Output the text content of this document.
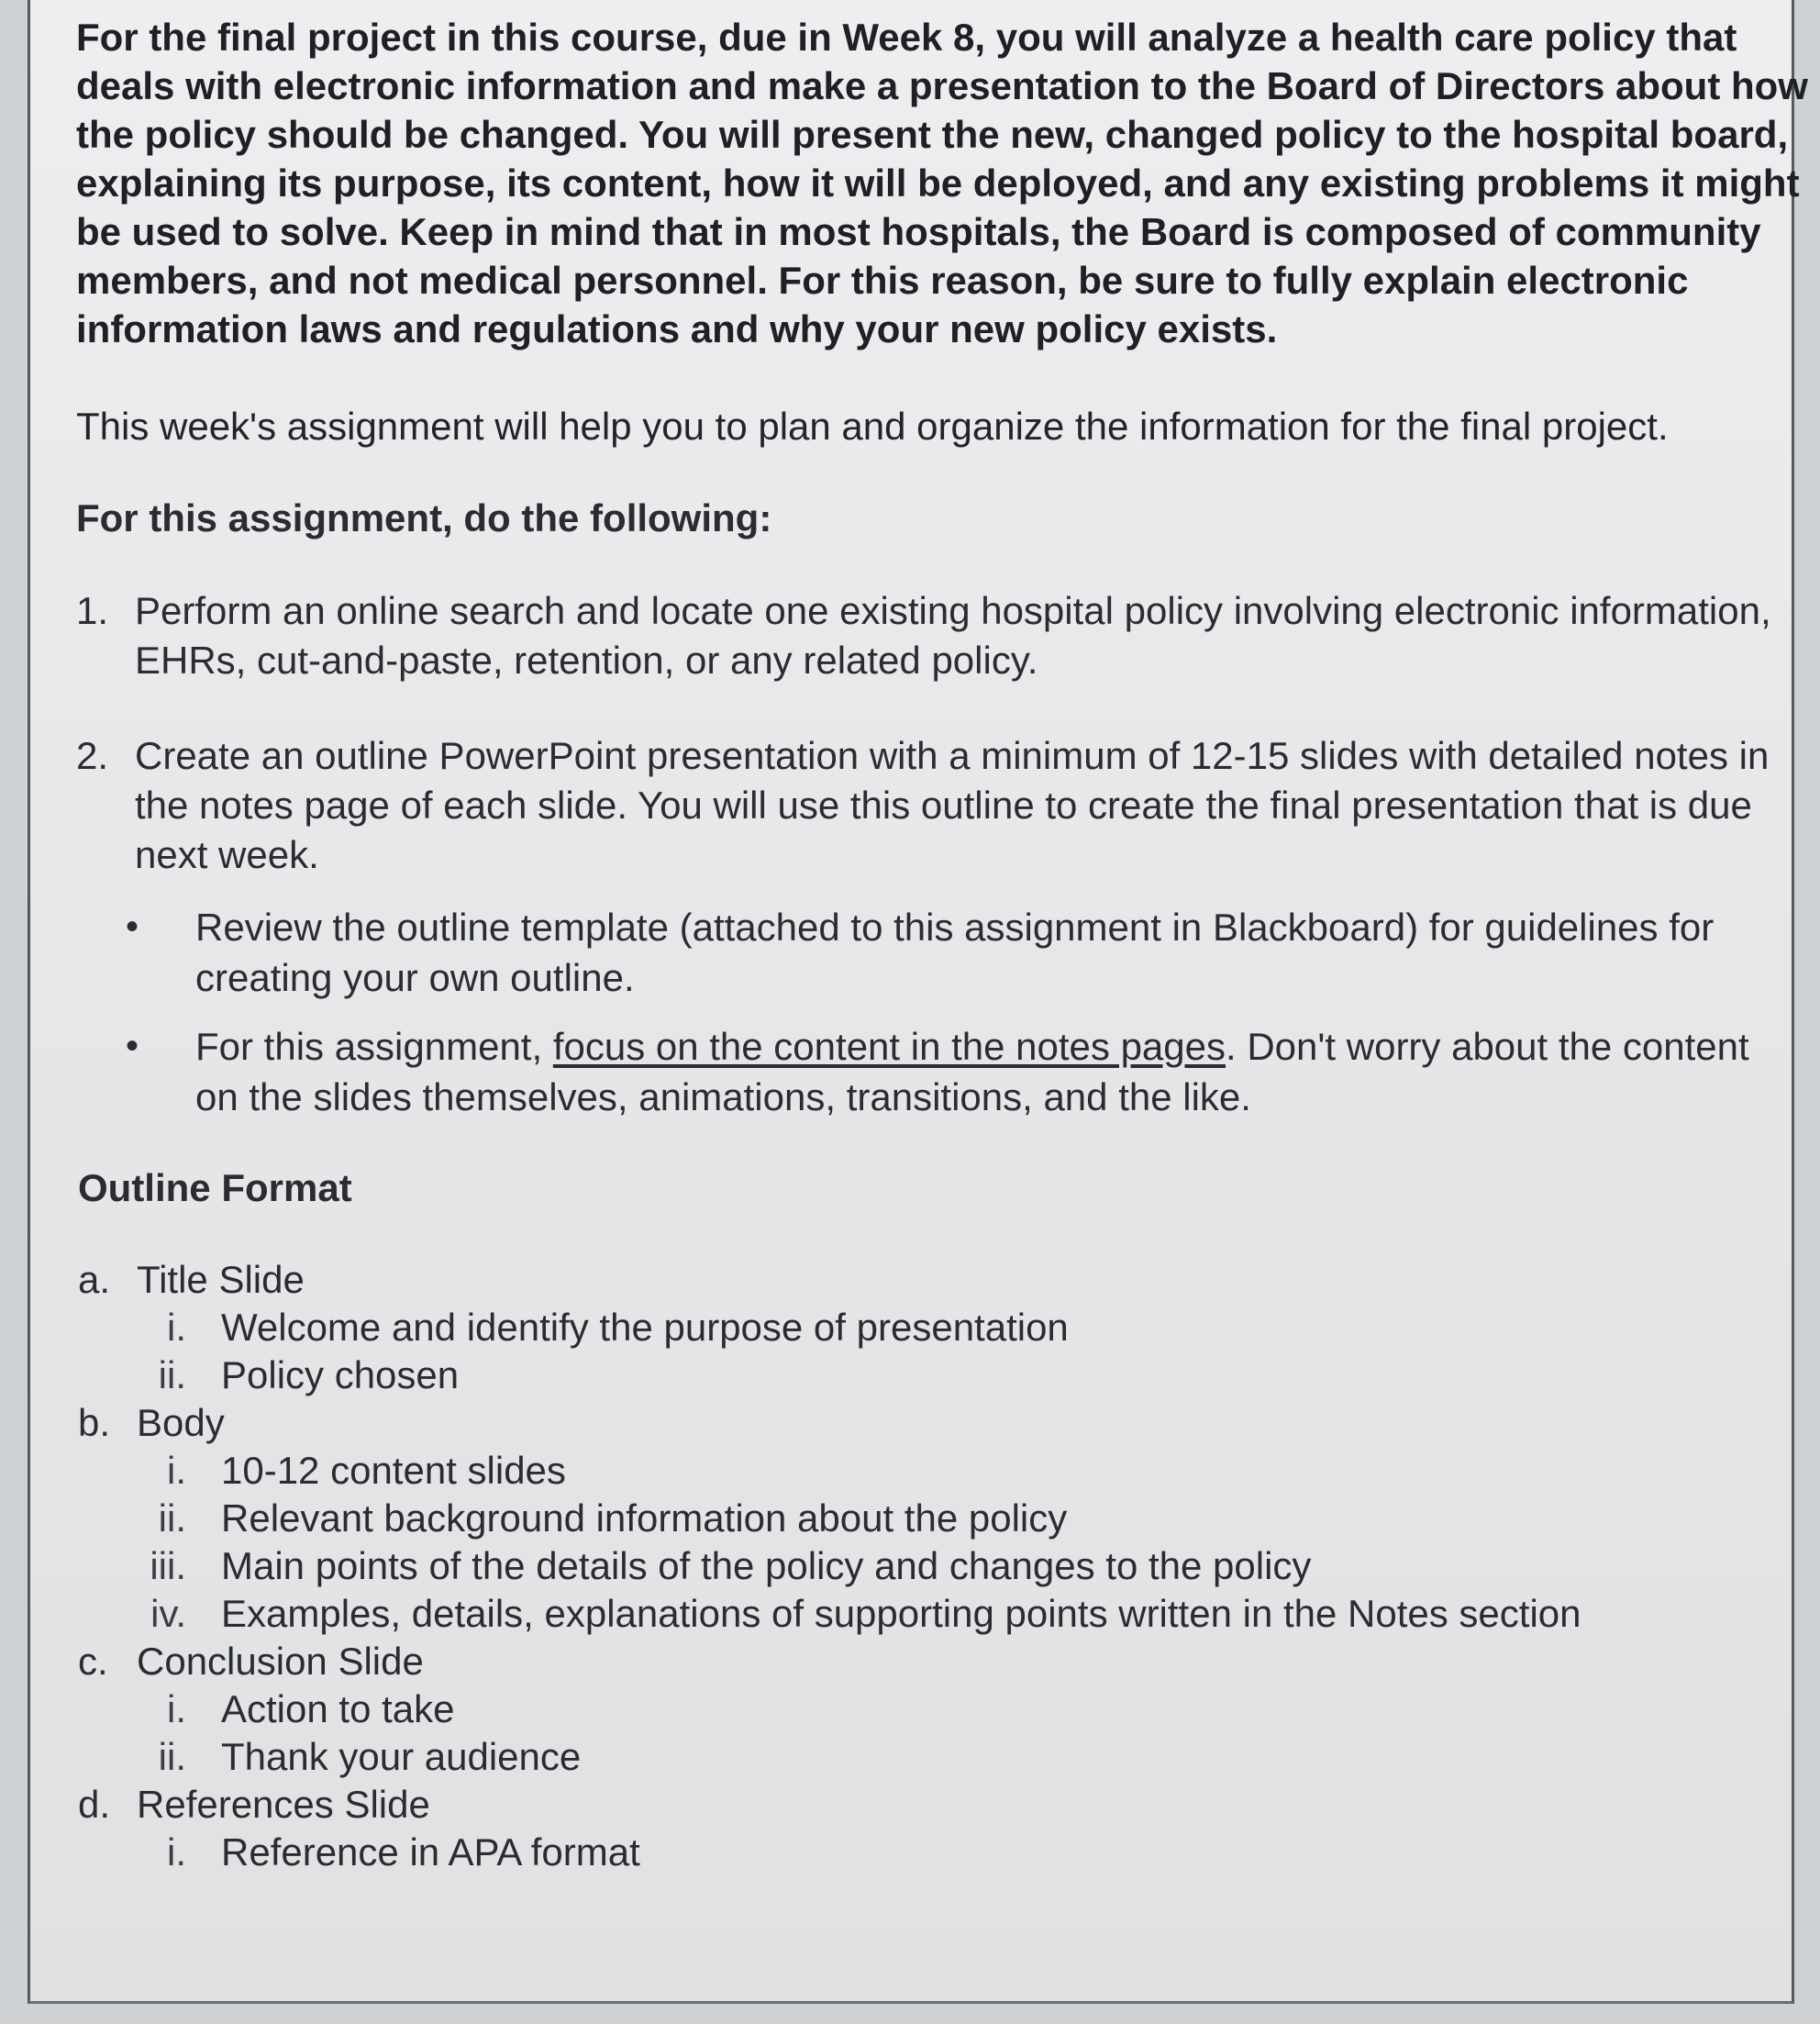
For the final project in this course, due in Week 8, you will analyze a health care policy that deals with electronic information and make a presentation to the Board of Directors about how the policy should be changed. You will present the new, changed policy to the hospital board, explaining its purpose, its content, how it will be deployed, and any existing problems it might be used to solve. Keep in mind that in most hospitals, the Board is composed of community members, and not medical personnel. For this reason, be sure to fully explain electronic information laws and regulations and why your new policy exists.

This week's assignment will help you to plan and organize the information for the final project.

For this assignment, do the following:

1. Perform an online search and locate one existing hospital policy involving electronic information, EHRs, cut-and-paste, retention, or any related policy.
2. Create an outline PowerPoint presentation with a minimum of 12-15 slides with detailed notes in the notes page of each slide. You will use this outline to create the final presentation that is due next week.
•	Review the outline template (attached to this assignment in Blackboard) for guidelines for creating your own outline.
•	For this assignment, focus on the content in the notes pages. Don't worry about the content on the slides themselves, animations, transitions, and the like.

Outline Format

a. Title Slide
i. Welcome and identify the purpose of presentation
ii. Policy chosen
b. Body
i. 10-12 content slides
ii. Relevant background information about the policy
iii. Main points of the details of the policy and changes to the policy
iv. Examples, details, explanations of supporting points written in the Notes section
c. Conclusion Slide
i. Action to take
ii. Thank your audience
d. References Slide
i. Reference in APA format
